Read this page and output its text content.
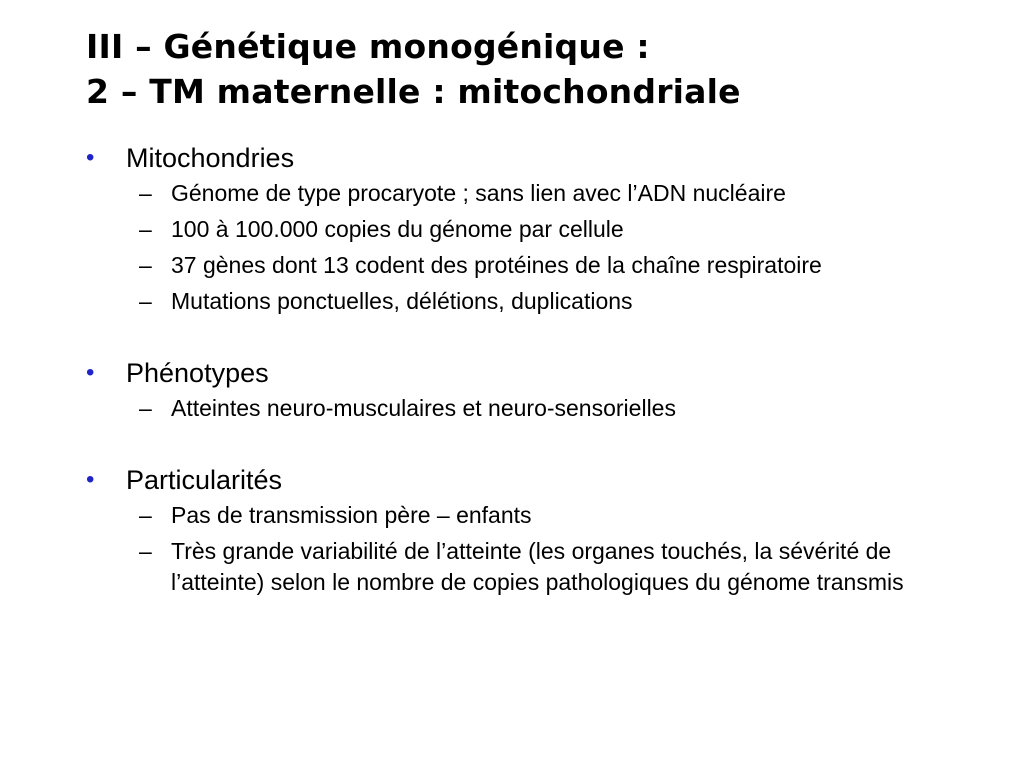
III – Génétique monogénique :
2 – TM maternelle : mitochondriale
•	Mitochondries
– Génome de type procaryote ; sans lien avec l’ADN nucléaire
– 100 à 100.000 copies du génome par cellule
– 37 gènes dont 13 codent des protéines de la chaîne respiratoire
– Mutations ponctuelles, délétions, duplications
•	Phénotypes
– Atteintes neuro-musculaires et neuro-sensorielles
•	Particularités
– Pas de transmission père – enfants
– Très grande variabilité de l’atteinte (les organes touchés, la sévérité de l’atteinte) selon le nombre de copies pathologiques du génome transmis
